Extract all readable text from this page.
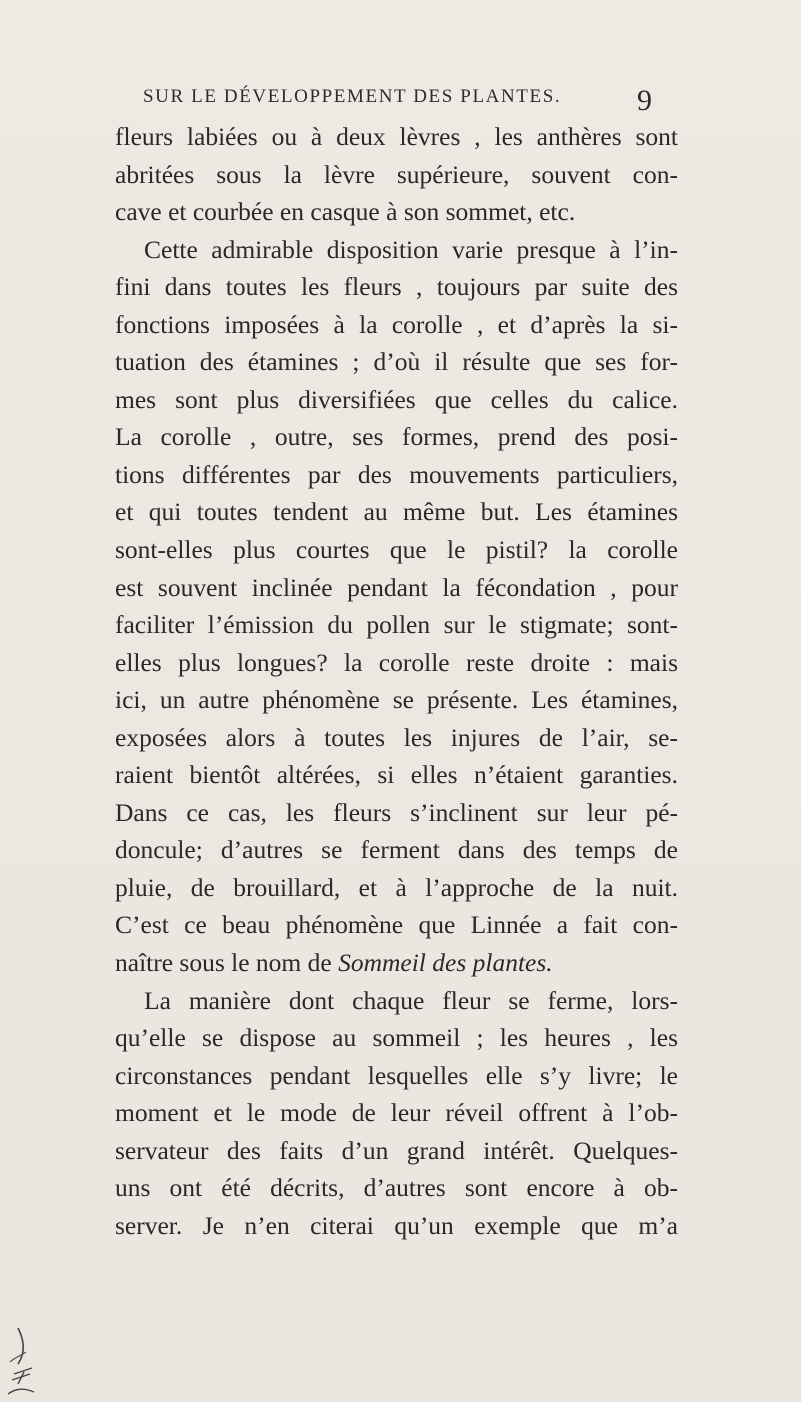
SUR LE DÉVELOPPEMENT DES PLANTES.	9
fleurs labiées ou à deux lèvres , les anthères sont
abritées sous la lèvre supérieure, souvent con-
cave et courbée en casque à son sommet, etc.
Cette admirable disposition varie presque à l’in-
fini dans toutes les fleurs , toujours par suite des
fonctions imposées à la corolle , et d’après la si-
tuation des étamines ; d’où il résulte que ses for-
mes sont plus diversifiées que celles du calice.
La corolle , outre, ses formes, prend des posi-
tions différentes par des mouvements particuliers,
et qui toutes tendent au même but. Les étamines
sont-elles plus courtes que le pistil? la corolle
est souvent inclinée pendant la fécondation , pour
faciliter l’émission du pollen sur le stigmate; sont-
elles plus longues? la corolle reste droite : mais
ici, un autre phénomène se présente. Les étamines,
exposées alors à toutes les injures de l’air, se-
raient bientôt altérées, si elles n’étaient garanties.
Dans ce cas, les fleurs s’inclinent sur leur pé-
doncule; d’autres se ferment dans des temps de
pluie, de brouillard, et à l’approche de la nuit.
C’est ce beau phénomène que Linnée a fait con-
naître sous le nom de Sommeil des plantes.
La manière dont chaque fleur se ferme, lors-
qu’elle se dispose au sommeil ; les heures , les
circonstances pendant lesquelles elle s’y livre; le
moment et le mode de leur réveil offrent à l’ob-
servateur des faits d’un grand intérêt. Quelques-
uns ont été décrits, d’autres sont encore à ob-
server. Je n’en citerai qu’un exemple que m’a
